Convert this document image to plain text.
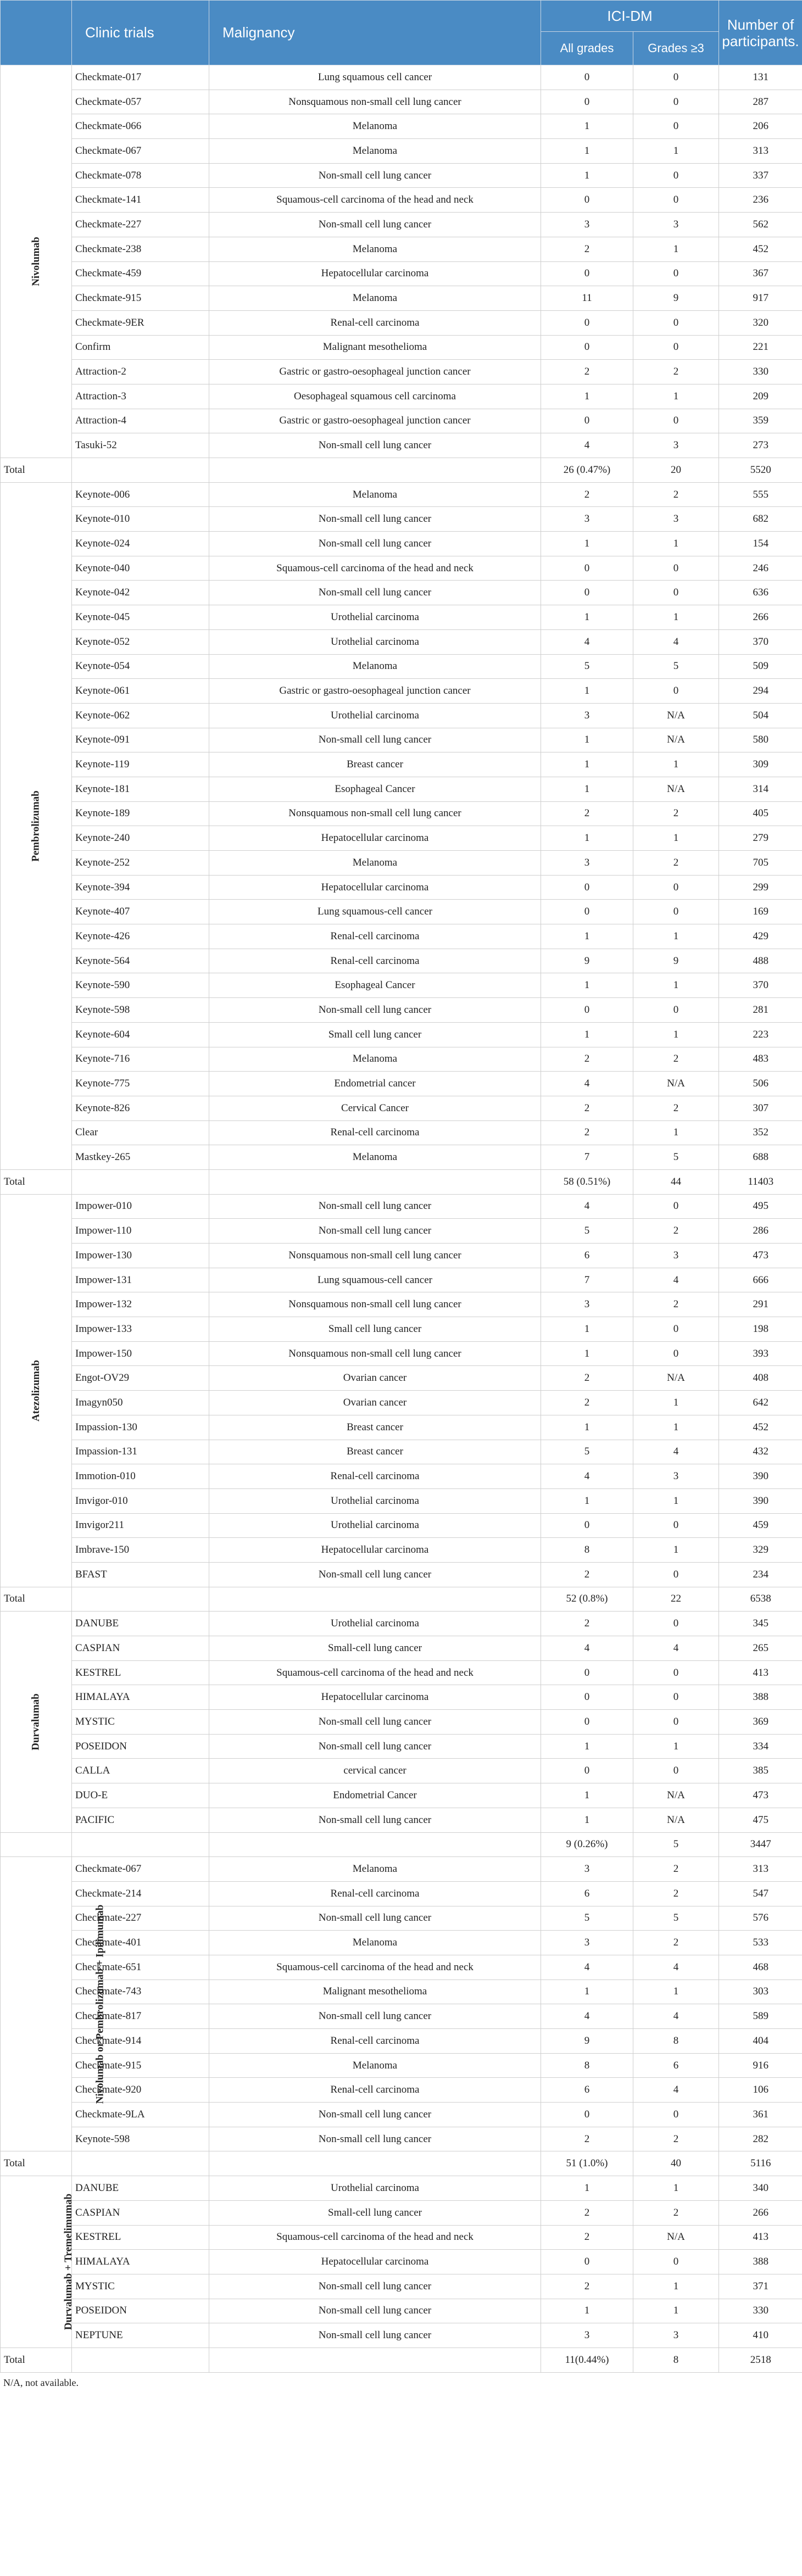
	Clinic trials	Malignancy	ICI-DM		Number of
participants.
			All grades	Grades ≥3	
Nivolumab	Checkmate-017	Lung squamous cell cancer	0	0	131
	Checkmate-057	Nonsquamous non-small cell lung cancer	0	0	287
	Checkmate-066	Melanoma	1	0	206
	Checkmate-067	Melanoma	1	1	313
	Checkmate-078	Non-small cell lung cancer	1	0	337
	Checkmate-141	Squamous-cell carcinoma of the head and neck	0	0	236
	Checkmate-227	Non-small cell lung cancer	3	3	562
	Checkmate-238	Melanoma	2	1	452
	Checkmate-459	Hepatocellular carcinoma	0	0	367
	Checkmate-915	Melanoma	11	9	917
	Checkmate-9ER	Renal-cell carcinoma	0	0	320
	Confirm	Malignant mesothelioma	0	0	221
	Attraction-2	Gastric or gastro-oesophageal junction cancer	2	2	330
	Attraction-3	Oesophageal squamous cell carcinoma	1	1	209
	Attraction-4	Gastric or gastro-oesophageal junction cancer	0	0	359
	Tasuki-52	Non-small cell lung cancer	4	3	273
Total			26 (0.47%)	20	5520
Pembrolizumab	Keynote-006	Melanoma	2	2	555
	Keynote-010	Non-small cell lung cancer	3	3	682
	Keynote-024	Non-small cell lung cancer	1	1	154
	Keynote-040	Squamous-cell carcinoma of the head and neck	0	0	246
	Keynote-042	Non-small cell lung cancer	0	0	636
	Keynote-045	Urothelial carcinoma	1	1	266
	Keynote-052	Urothelial carcinoma	4	4	370
	Keynote-054	Melanoma	5	5	509
	Keynote-061	Gastric or gastro-oesophageal junction cancer	1	0	294
	Keynote-062	Urothelial carcinoma	3	N/A	504
	Keynote-091	Non-small cell lung cancer	1	N/A	580
	Keynote-119	Breast cancer	1	1	309
	Keynote-181	Esophageal Cancer	1	N/A	314
	Keynote-189	Nonsquamous non-small cell lung cancer	2	2	405
	Keynote-240	Hepatocellular carcinoma	1	1	279
	Keynote-252	Melanoma	3	2	705
	Keynote-394	Hepatocellular carcinoma	0	0	299
	Keynote-407	Lung squamous-cell cancer	0	0	169
	Keynote-426	Renal-cell carcinoma	1	1	429
	Keynote-564	Renal-cell carcinoma	9	9	488
	Keynote-590	Esophageal Cancer	1	1	370
	Keynote-598	Non-small cell lung cancer	0	0	281
	Keynote-604	Small cell lung cancer	1	1	223
	Keynote-716	Melanoma	2	2	483
	Keynote-775	Endometrial cancer	4	N/A	506
	Keynote-826	Cervical Cancer	2	2	307
	Clear	Renal-cell carcinoma	2	1	352
	Mastkey-265	Melanoma	7	5	688
Total			58 (0.51%)	44	11403
Atezolizumab	Impower-010	Non-small cell lung cancer	4	0	495
	Impower-110	Non-small cell lung cancer	5	2	286
	Impower-130	Nonsquamous non-small cell lung cancer	6	3	473
	Impower-131	Lung squamous-cell cancer	7	4	666
	Impower-132	Nonsquamous non-small cell lung cancer	3	2	291
	Impower-133	Small cell lung cancer	1	0	198
	Impower-150	Nonsquamous non-small cell lung cancer	1	0	393
	Engot-OV29	Ovarian cancer	2	N/A	408
	Imagyn050	Ovarian cancer	2	1	642
	Impassion-130	Breast cancer	1	1	452
	Impassion-131	Breast cancer	5	4	432
	Immotion-010	Renal-cell carcinoma	4	3	390
	Imvigor-010	Urothelial carcinoma	1	1	390
	Imvigor211	Urothelial carcinoma	0	0	459
	Imbrave-150	Hepatocellular carcinoma	8	1	329
	BFAST	Non-small cell lung cancer	2	0	234
Total			52 (0.8%)	22	6538
Durvalumab	DANUBE	Urothelial carcinoma	2	0	345
	CASPIAN	Small-cell lung cancer	4	4	265
	KESTREL	Squamous-cell carcinoma of the head and neck	0	0	413
	HIMALAYA	Hepatocellular carcinoma	0	0	388
	MYSTIC	Non-small cell lung cancer	0	0	369
	POSEIDON	Non-small cell lung cancer	1	1	334
	CALLA	cervical cancer	0	0	385
	DUO-E	Endometrial Cancer	1	N/A	473
	PACIFIC	Non-small cell lung cancer	1	N/A	475
			9 (0.26%)	5	3447
Nivolumab or Pembrolizumab + Ipilimumab	Checkmate-067	Melanoma	3	2	313
	Checkmate-214	Renal-cell carcinoma	6	2	547
	Checkmate-227	Non-small cell lung cancer	5	5	576
	Checkmate-401	Melanoma	3	2	533
	Checkmate-651	Squamous-cell carcinoma of the head and neck	4	4	468
	Checkmate-743	Malignant mesothelioma	1	1	303
	Checkmate-817	Non-small cell lung cancer	4	4	589
	Checkmate-914	Renal-cell carcinoma	9	8	404
	Checkmate-915	Melanoma	8	6	916
	Checkmate-920	Renal-cell carcinoma	6	4	106
	Checkmate-9LA	Non-small cell lung cancer	0	0	361
	Keynote-598	Non-small cell lung cancer	2	2	282
Total			51 (1.0%)	40	5116
Durvalumab + Tremelimumab	DANUBE	Urothelial carcinoma	1	1	340
	CASPIAN	Small-cell lung cancer	2	2	266
	KESTREL	Squamous-cell carcinoma of the head and neck	2	N/A	413
	HIMALAYA	Hepatocellular carcinoma	0	0	388
	MYSTIC	Non-small cell lung cancer	2	1	371
	POSEIDON	Non-small cell lung cancer	1	1	330
	NEPTUNE	Non-small cell lung cancer	3	3	410
Total			11(0.44%)	8	2518
N/A, not available.
